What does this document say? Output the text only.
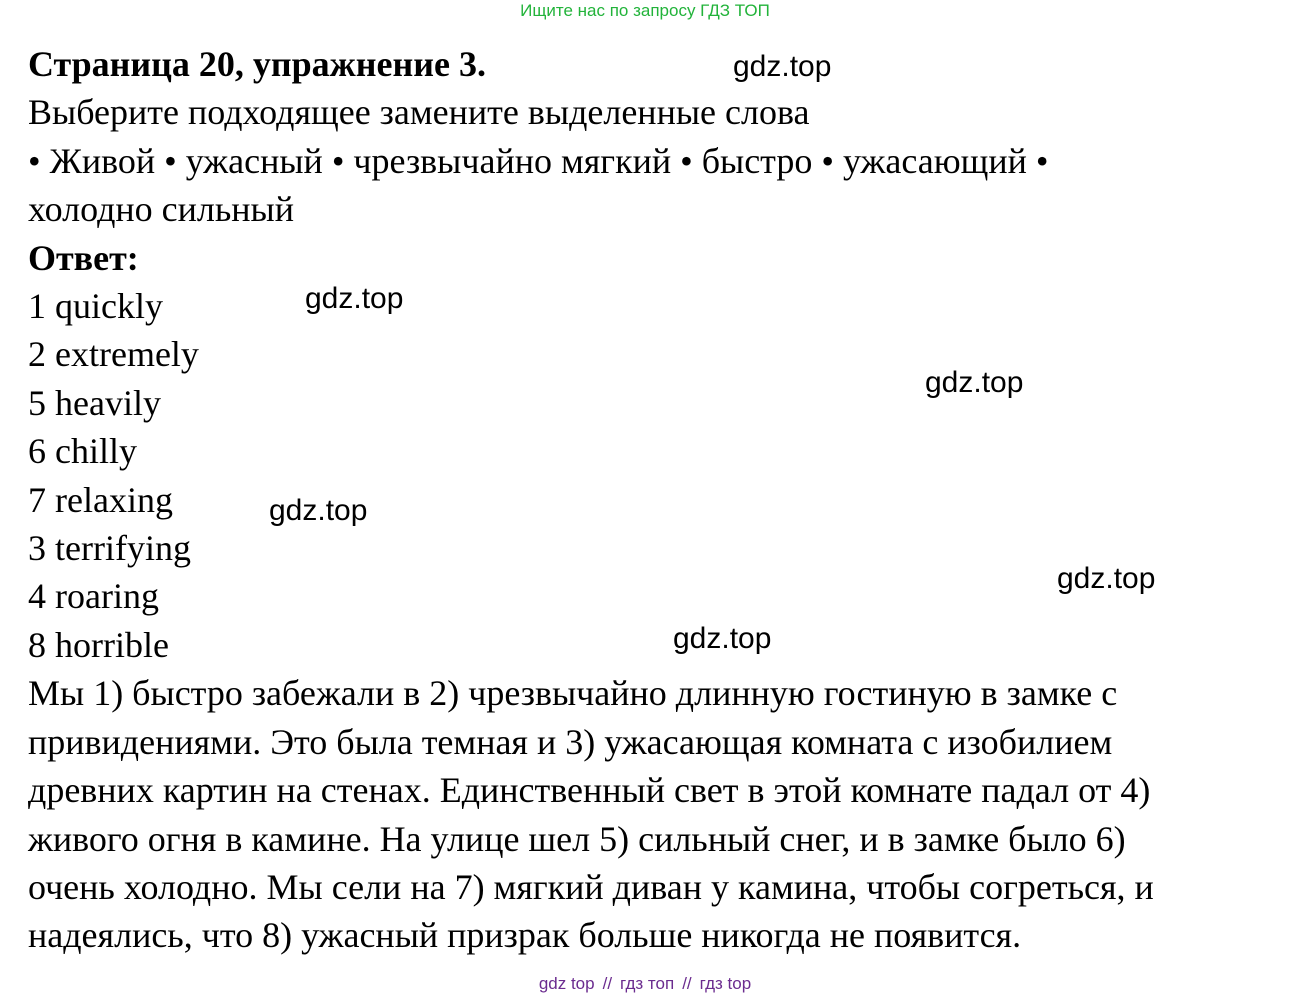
Ищите нас по запросу ГДЗ ТОП
Страница 20, упражнение 3.
Выберите подходящее замените выделенные слова
• Живой • ужасный • чрезвычайно мягкий • быстро • ужасающий •
холодно сильный
Ответ:
1 quickly
2 extremely
5 heavily
6 chilly
7 relaxing
3 terrifying
4 roaring
8 horrible
Мы 1) быстро забежали в 2) чрезвычайно длинную гостиную в замке с
привидениями. Это была темная и 3) ужасающая комната с изобилием
древних картин на стенах. Единственный свет в этой комнате падал от 4)
живого огня в камине. На улице шел 5) сильный снег, и в замке было 6)
очень холодно. Мы сели на 7) мягкий диван у камина, чтобы согреться, и
надеялись, что 8) ужасный призрак больше никогда не появится.
gdz.top
gdz.top
gdz.top
gdz.top
gdz.top
gdz.top
gdz top // гдз топ // гдз top
